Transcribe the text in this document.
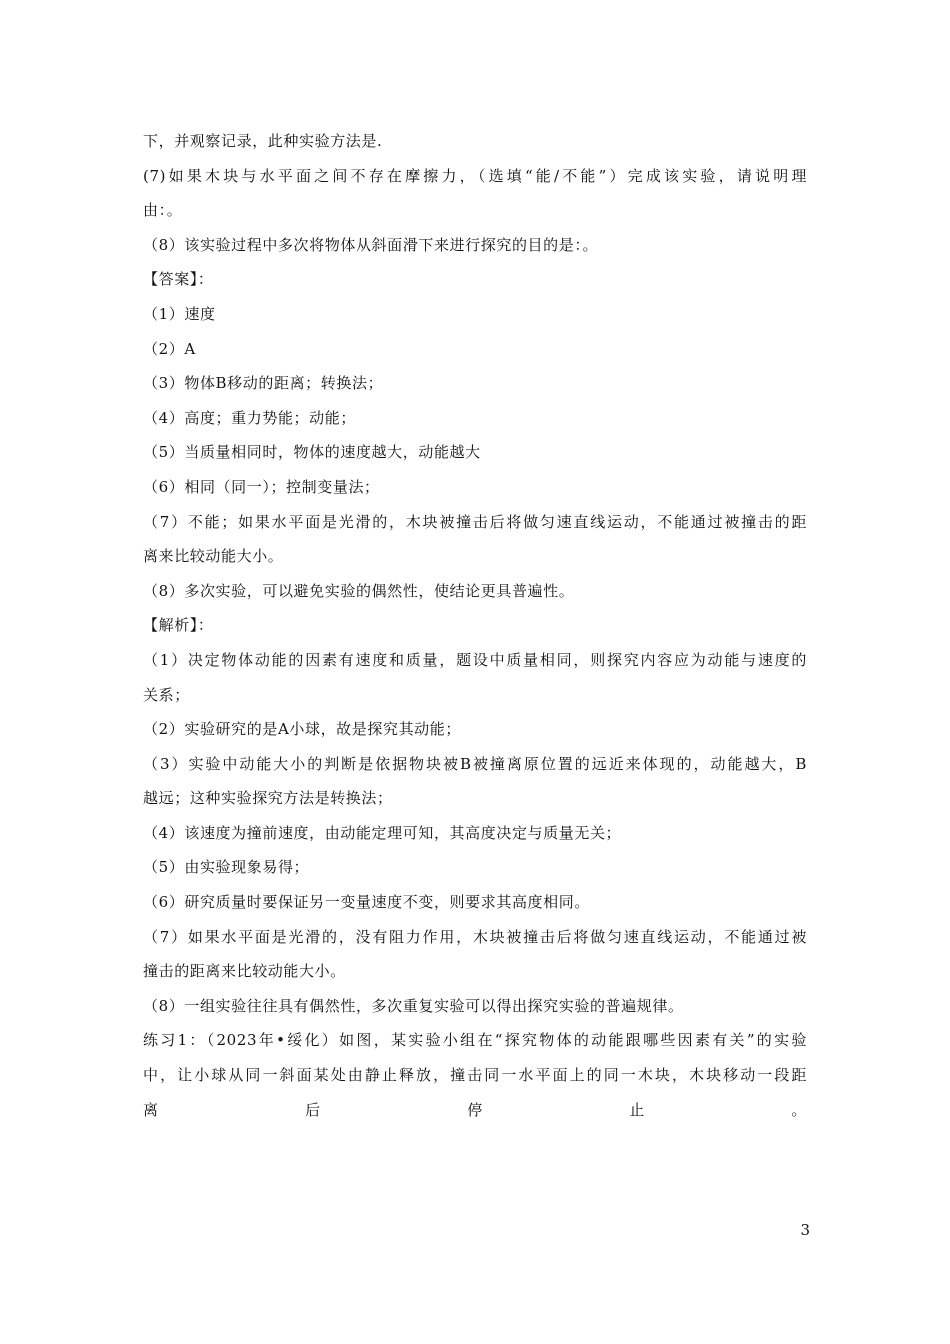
下，并观察记录，此种实验方法是.
(7)如果木块与水平面之间不存在摩擦力，（选填“能/不能”）完成该实验，请说明理
由：。
（8）该实验过程中多次将物体从斜面滑下来进行探究的目的是：。
【答案】：
（1）速度
（2）A
（3）物体B移动的距离；转换法；
（4）高度；重力势能；动能；
（5）当质量相同时，物体的速度越大，动能越大
（6）相同（同一）；控制变量法；
（7）不能；如果水平面是光滑的，木块被撞击后将做匀速直线运动，不能通过被撞击的距
离来比较动能大小。
（8）多次实验，可以避免实验的偶然性，使结论更具普遍性。
【解析】：
（1）决定物体动能的因素有速度和质量，题设中质量相同，则探究内容应为动能与速度的
关系；
（2）实验研究的是A小球，故是探究其动能；
（3）实验中动能大小的判断是依据物块被B被撞离原位置的远近来体现的，动能越大，B
越远；这种实验探究方法是转换法；
（4）该速度为撞前速度，由动能定理可知，其高度决定与质量无关；
（5）由实验现象易得；
（6）研究质量时要保证另一变量速度不变，则要求其高度相同。
（7）如果水平面是光滑的，没有阻力作用，木块被撞击后将做匀速直线运动，不能通过被
撞击的距离来比较动能大小。
（8）一组实验往往具有偶然性，多次重复实验可以得出探究实验的普遍规律。
练习1：（2023年•绥化）如图，某实验小组在“探究物体的动能跟哪些因素有关”的实验
中，让小球从同一斜面某处由静止释放，撞击同一水平面上的同一木块，木块移动一段距
离	后	停	止	。
3
